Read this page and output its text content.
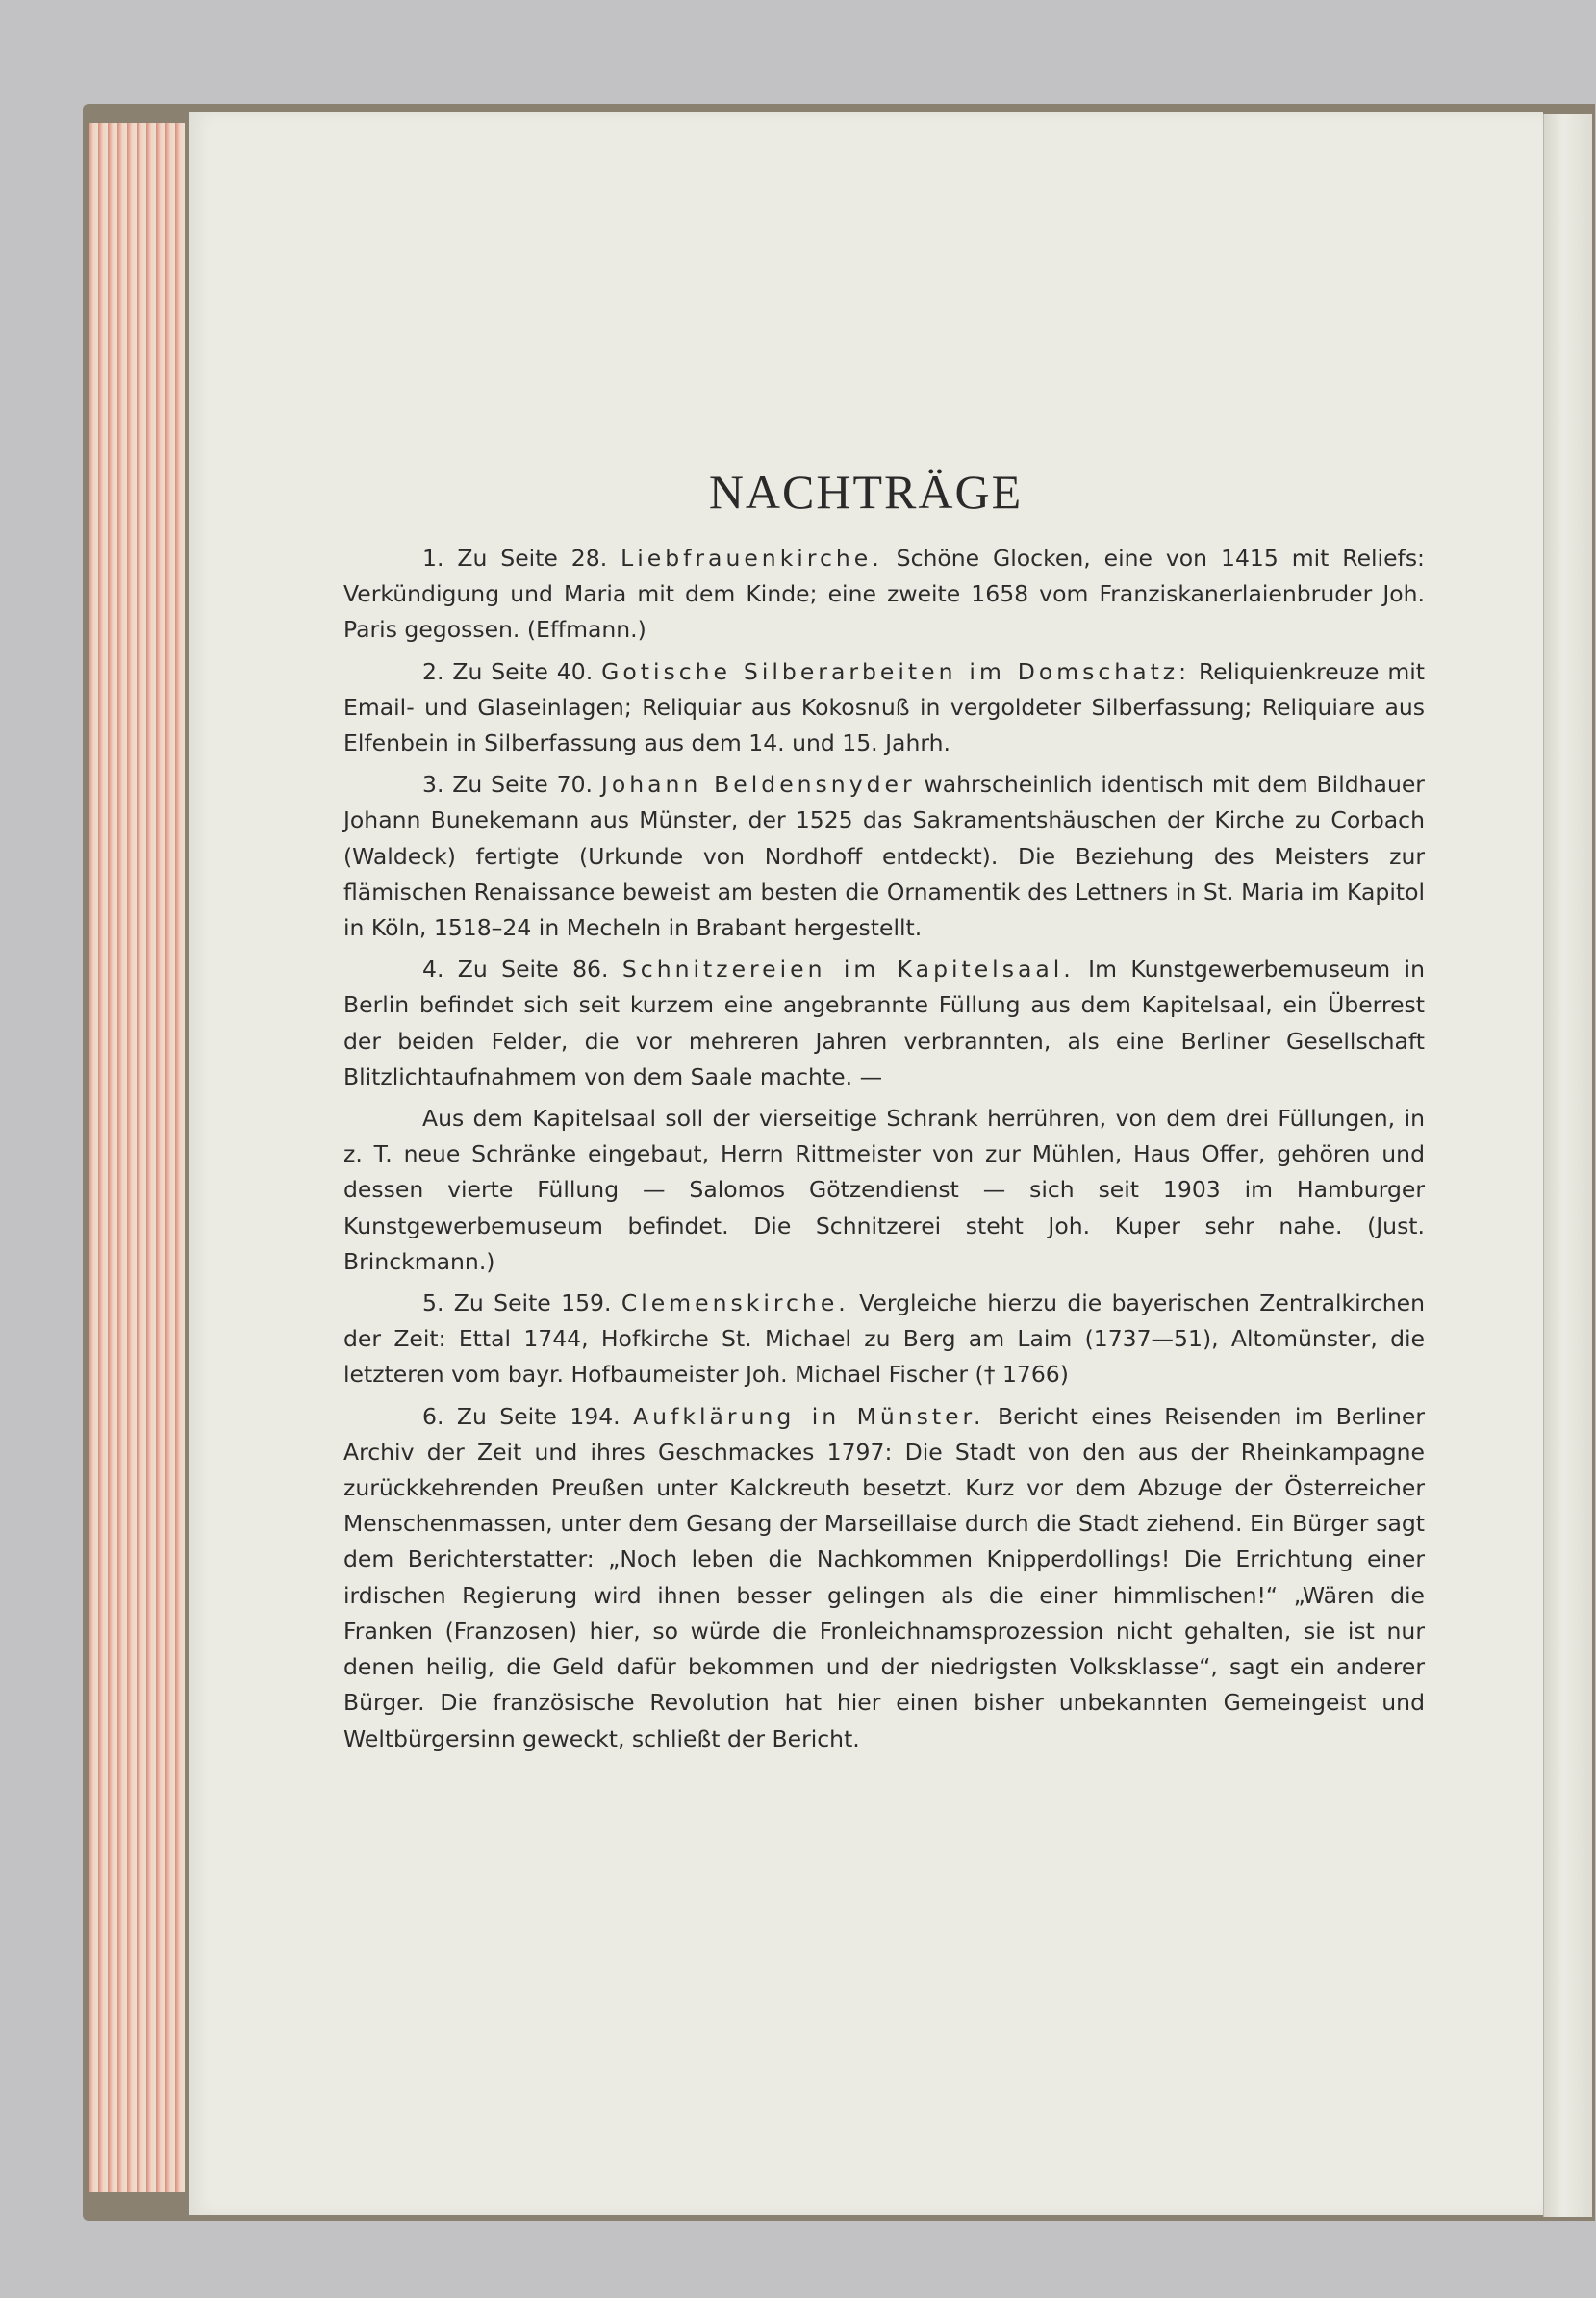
NACHTRÄGE

1. Zu Seite 28. Liebfrauenkirche. Schöne Glocken, eine von 1415 mit Reliefs: Verkündigung und Maria mit dem Kinde; eine zweite 1658 vom Franziskanerlaienbruder Joh. Paris gegossen. (Effmann.)

2. Zu Seite 40. Gotische Silberarbeiten im Domschatz: Reliquienkreuze mit Email- und Glaseinlagen; Reliquiar aus Kokosnuß in vergoldeter Silberfassung; Reliquiare aus Elfenbein in Silberfassung aus dem 14. und 15. Jahrh.

3. Zu Seite 70. Johann Beldensnyder wahrscheinlich identisch mit dem Bildhauer Johann Bunekemann aus Münster, der 1525 das Sakramentshäuschen der Kirche zu Corbach (Waldeck) fertigte (Urkunde von Nordhoff entdeckt). Die Beziehung des Meisters zur flämischen Renaissance beweist am besten die Ornamentik des Lettners in St. Maria im Kapitol in Köln, 1518–24 in Mecheln in Brabant hergestellt.

4. Zu Seite 86. Schnitzereien im Kapitelsaal. Im Kunstgewerbemuseum in Berlin befindet sich seit kurzem eine angebrannte Füllung aus dem Kapitelsaal, ein Überrest der beiden Felder, die vor mehreren Jahren verbrannten, als eine Berliner Gesellschaft Blitzlichtaufnahmem von dem Saale machte. —

Aus dem Kapitelsaal soll der vierseitige Schrank herrühren, von dem drei Füllungen, in z. T. neue Schränke eingebaut, Herrn Rittmeister von zur Mühlen, Haus Offer, gehören und dessen vierte Füllung — Salomos Götzendienst — sich seit 1903 im Hamburger Kunstgewerbemuseum befindet. Die Schnitzerei steht Joh. Kuper sehr nahe. (Just. Brinckmann.)

5. Zu Seite 159. Clemenskirche. Vergleiche hierzu die bayerischen Zentralkirchen der Zeit: Ettal 1744, Hofkirche St. Michael zu Berg am Laim (1737—51), Altomünster, die letzteren vom bayr. Hofbaumeister Joh. Michael Fischer († 1766)

6. Zu Seite 194. Aufklärung in Münster. Bericht eines Reisenden im Berliner Archiv der Zeit und ihres Geschmackes 1797: Die Stadt von den aus der Rheinkampagne zurückkehrenden Preußen unter Kalckreuth besetzt. Kurz vor dem Abzuge der Österreicher Menschenmassen, unter dem Gesang der Marseillaise durch die Stadt ziehend. Ein Bürger sagt dem Berichterstatter: „Noch leben die Nachkommen Knipperdollings! Die Errichtung einer irdischen Regierung wird ihnen besser gelingen als die einer himmlischen!“ „Wären die Franken (Franzosen) hier, so würde die Fronleichnamsprozession nicht gehalten, sie ist nur denen heilig, die Geld dafür bekommen und der niedrigsten Volksklasse“, sagt ein anderer Bürger. Die französische Revolution hat hier einen bisher unbekannten Gemeingeist und Weltbürgersinn geweckt, schließt der Bericht.
